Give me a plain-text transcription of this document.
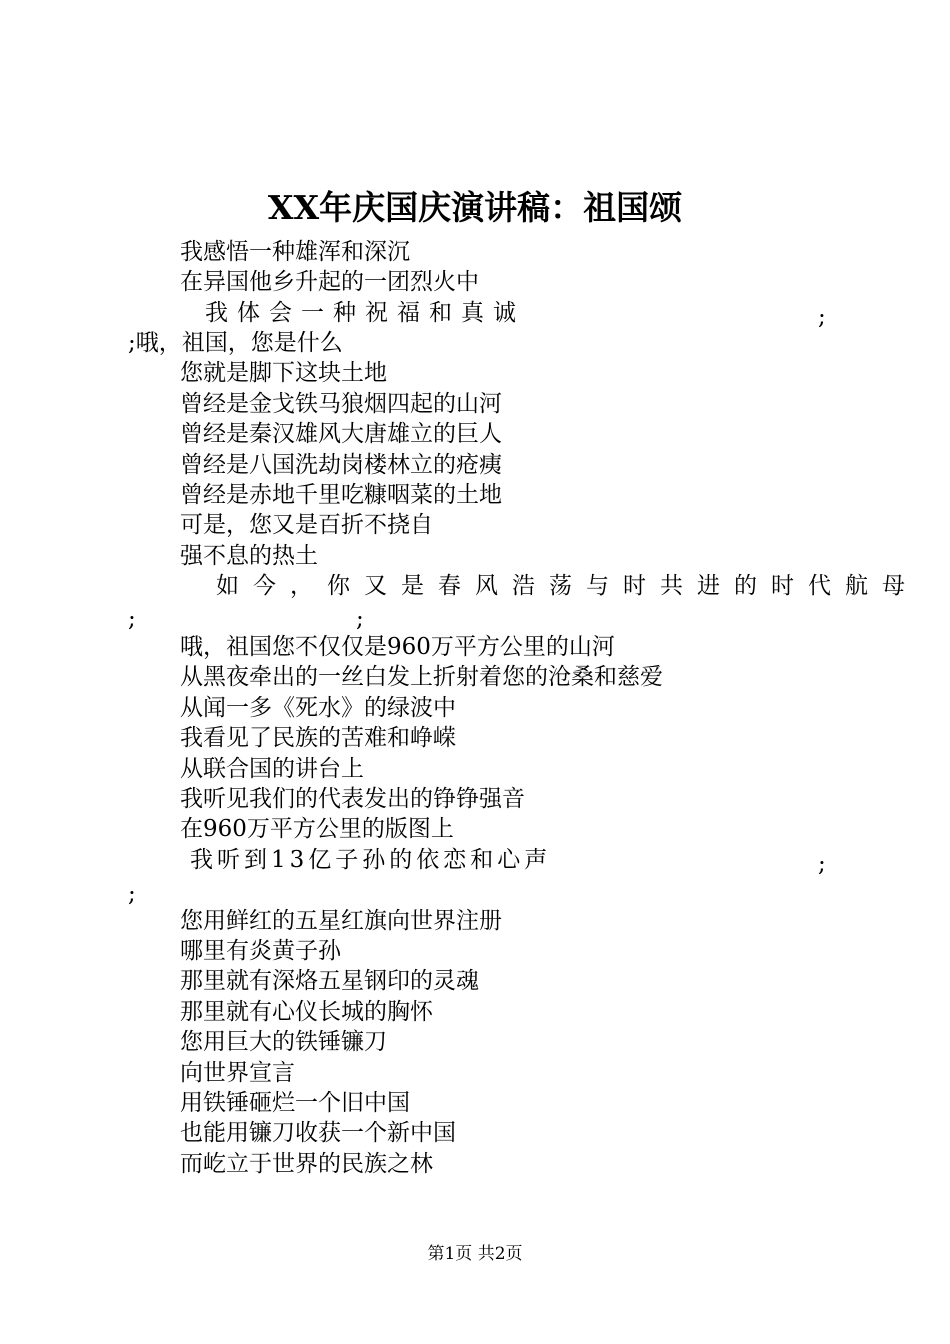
XX年庆国庆演讲稿：祖国颂
我感悟一种雄浑和深沉
在异国他乡升起的一团烈火中
我体会一种祝福和真诚	;
;哦，祖国，您是什么
您就是脚下这块土地
曾经是金戈铁马狼烟四起的山河
曾经是秦汉雄风大唐雄立的巨人
曾经是八国洗劫岗楼林立的疮痍
曾经是赤地千里吃糠咽菜的土地
可是，您又是百折不挠自
强不息的热土
如今，你又是春风浩荡与时共进的时代航母
;	;
哦，祖国您不仅仅是960万平方公里的山河
从黑夜牵出的一丝白发上折射着您的沧桑和慈爱
从闻一多《死水》的绿波中
我看见了民族的苦难和峥嵘
从联合国的讲台上
我听见我们的代表发出的铮铮强音
在960万平方公里的版图上
我听到13亿子孙的依恋和心声	;
;
您用鲜红的五星红旗向世界注册
哪里有炎黄子孙
那里就有深烙五星钢印的灵魂
那里就有心仪长城的胸怀
您用巨大的铁锤镰刀
向世界宣言
用铁锤砸烂一个旧中国
也能用镰刀收获一个新中国
而屹立于世界的民族之林
第1页 共2页
